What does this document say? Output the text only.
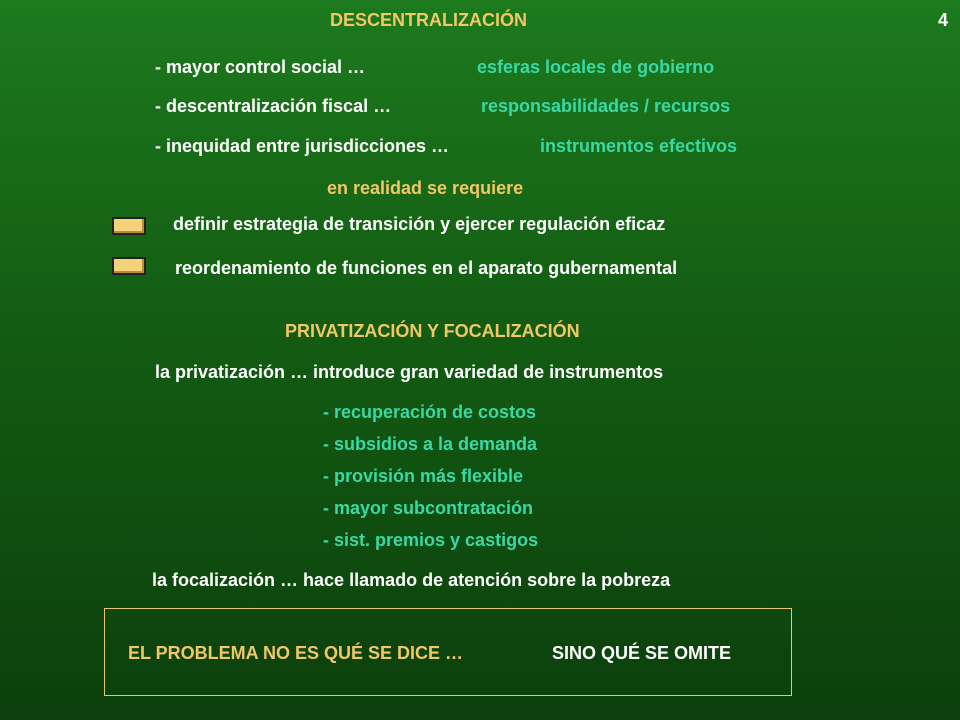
DESCENTRALIZACIÓN	4
- mayor control social …	esferas locales de gobierno
- descentralización fiscal …	responsabilidades / recursos
- inequidad entre jurisdicciones …	instrumentos efectivos
en realidad se requiere
definir estrategia de transición y ejercer regulación eficaz
reordenamiento de funciones en el aparato gubernamental
PRIVATIZACIÓN Y FOCALIZACIÓN
la privatización … introduce gran variedad de instrumentos
- recuperación de costos
- subsidios a la demanda
- provisión más flexible
- mayor subcontratación
- sist. premios y castigos
la focalización … hace llamado de atención sobre la pobreza
EL PROBLEMA NO ES QUÉ SE DICE …	SINO QUÉ SE OMITE
